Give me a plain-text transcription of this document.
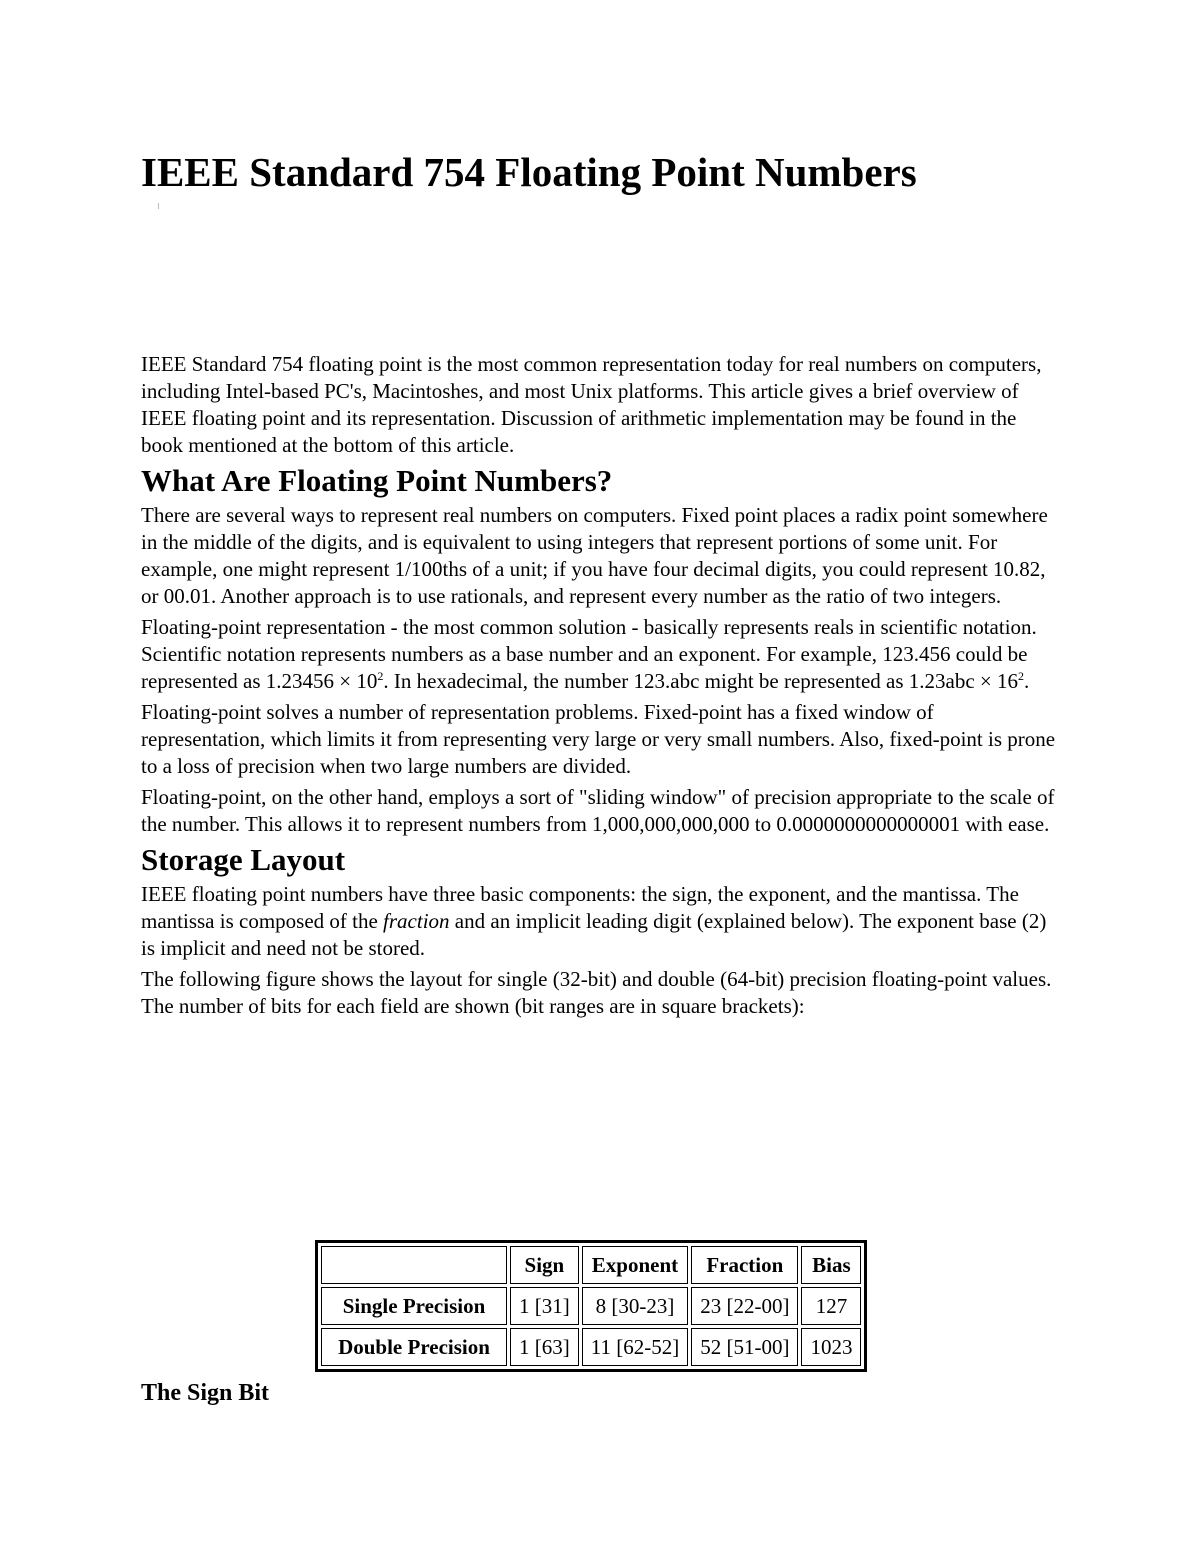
IEEE Standard 754 Floating Point Numbers

IEEE Standard 754 floating point is the most common representation today for real numbers on computers, including Intel-based PC's, Macintoshes, and most Unix platforms. This article gives a brief overview of IEEE floating point and its representation. Discussion of arithmetic implementation may be found in the book mentioned at the bottom of this article.

What Are Floating Point Numbers?

There are several ways to represent real numbers on computers. Fixed point places a radix point somewhere in the middle of the digits, and is equivalent to using integers that represent portions of some unit. For example, one might represent 1/100ths of a unit; if you have four decimal digits, you could represent 10.82, or 00.01. Another approach is to use rationals, and represent every number as the ratio of two integers.

Floating-point representation - the most common solution - basically represents reals in scientific notation. Scientific notation represents numbers as a base number and an exponent. For example, 123.456 could be represented as $1.23456 \times 10^2$. In hexadecimal, the number 123.abc might be represented as $1.23abc \times 16^2$.

Floating-point solves a number of representation problems. Fixed-point has a fixed window of representation, which limits it from representing very large or very small numbers. Also, fixed-point is prone to a loss of precision when two large numbers are divided.

Floating-point, on the other hand, employs a sort of "sliding window" of precision appropriate to the scale of the number. This allows it to represent numbers from 1,000,000,000,000 to 0.0000000000000001 with ease.

Storage Layout

IEEE floating point numbers have three basic components: the sign, the exponent, and the mantissa. The mantissa is composed of the fraction and an implicit leading digit (explained below). The exponent base (2) is implicit and need not be stored.

The following figure shows the layout for single (32-bit) and double (64-bit) precision floating-point values. The number of bits for each field are shown (bit ranges are in square brackets):

	Sign	Exponent	Fraction	Bias
Single Precision	1 [31]	8 [30-23]	23 [22-00]	127
Double Precision	1 [63]	11 [62-52]	52 [51-00]	1023
The Sign Bit
